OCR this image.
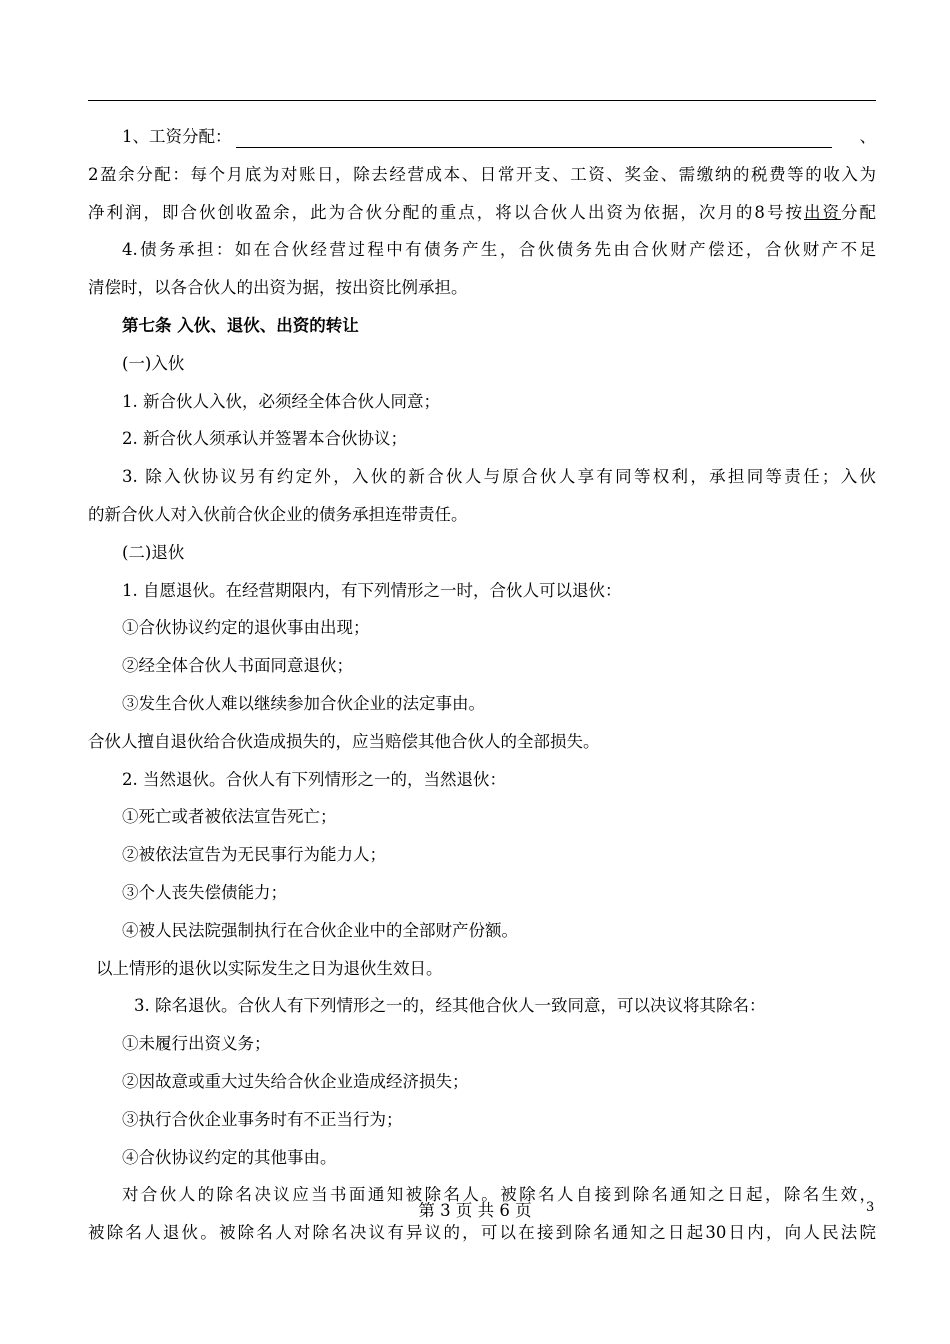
1、工资分配：	、
2盈余分配：每个月底为对账日，除去经营成本、日常开支、工资、奖金、需缴纳的税费等的收入为
净利润，即合伙创收盈余，此为合伙分配的重点，将以合伙人出资为依据，次月的8号按出资分配
4.债务承担：如在合伙经营过程中有债务产生，合伙债务先由合伙财产偿还，合伙财产不足
清偿时，以各合伙人的出资为据，按出资比例承担。
第七条 入伙、退伙、出资的转让
(一)入伙
1. 新合伙人入伙，必须经全体合伙人同意；
2. 新合伙人须承认并签署本合伙协议；
3. 除入伙协议另有约定外，入伙的新合伙人与原合伙人享有同等权利，承担同等责任；入伙
的新合伙人对入伙前合伙企业的债务承担连带责任。
(二)退伙
1. 自愿退伙。在经营期限内，有下列情形之一时，合伙人可以退伙：
①合伙协议约定的退伙事由出现；
②经全体合伙人书面同意退伙；
③发生合伙人难以继续参加合伙企业的法定事由。
合伙人擅自退伙给合伙造成损失的，应当赔偿其他合伙人的全部损失。
2. 当然退伙。合伙人有下列情形之一的，当然退伙：
①死亡或者被依法宣告死亡；
②被依法宣告为无民事行为能力人；
③个人丧失偿债能力；
④被人民法院强制执行在合伙企业中的全部财产份额。
以上情形的退伙以实际发生之日为退伙生效日。
3. 除名退伙。合伙人有下列情形之一的，经其他合伙人一致同意，可以决议将其除名：
①未履行出资义务；
②因故意或重大过失给合伙企业造成经济损失；
③执行合伙企业事务时有不正当行为；
④合伙协议约定的其他事由。
对合伙人的除名决议应当书面通知被除名人。被除名人自接到除名通知之日起，除名生效，
被除名人退伙。被除名人对除名决议有异议的，可以在接到除名通知之日起30日内，向人民法院
第 3 页 共 6 页	3
